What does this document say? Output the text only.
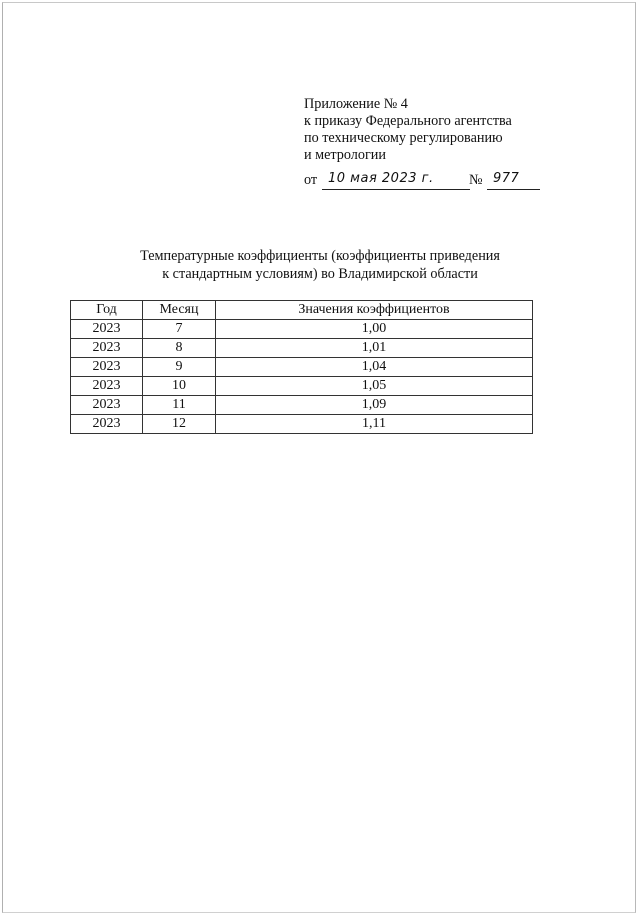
Приложение № 4
к приказу Федерального агентства
по техническому регулированию
и метрологии
от 10 мая 2023 г. № 977
Температурные коэффициенты (коэффициенты приведения
к стандартным условиям) во Владимирской области
Год	Месяц	Значения коэффициентов
2023	7	1,00
2023	8	1,01
2023	9	1,04
2023	10	1,05
2023	11	1,09
2023	12	1,11
